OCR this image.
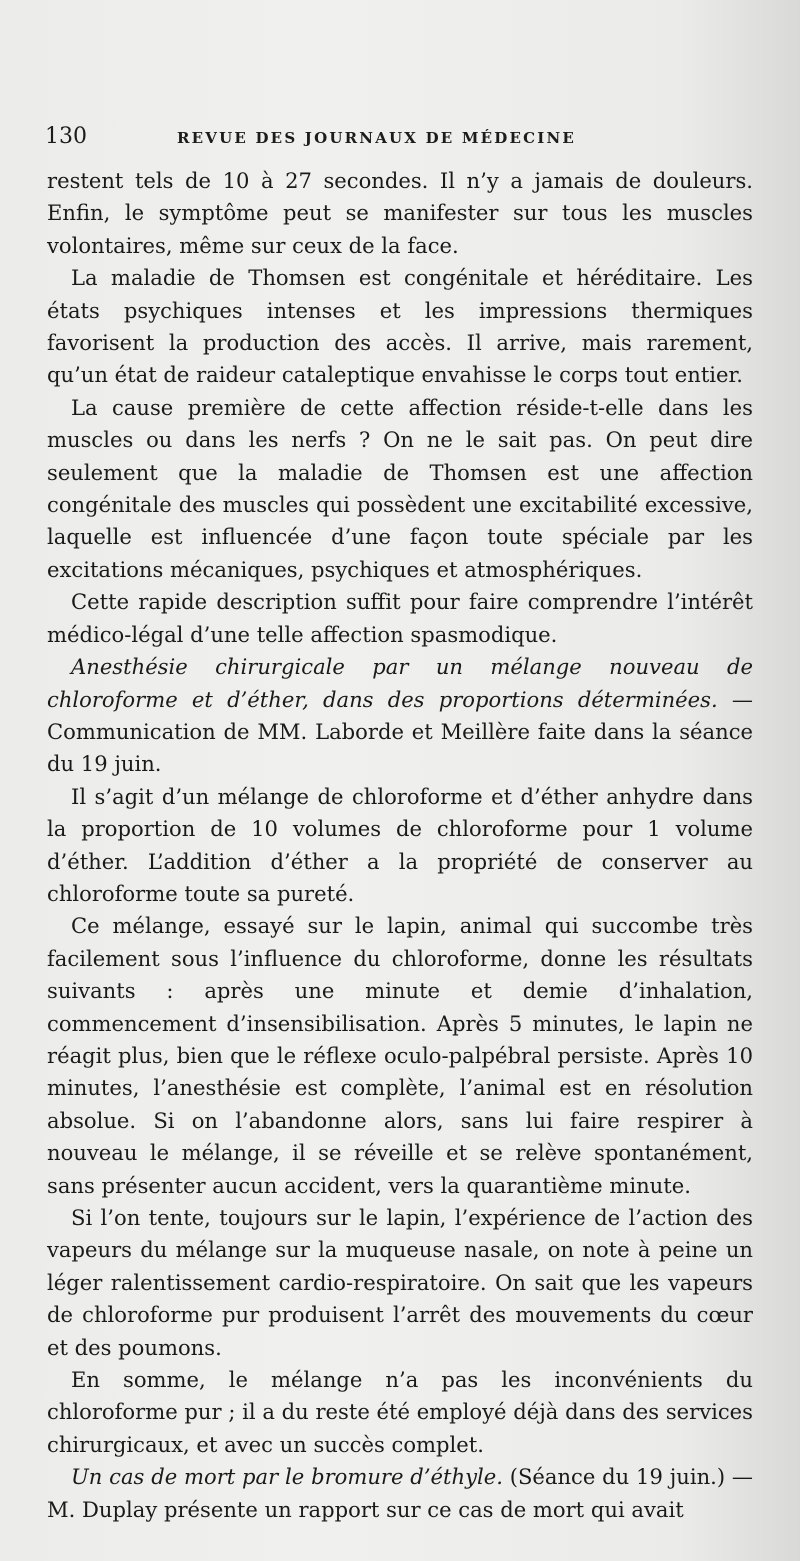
130	REVUE DES JOURNAUX DE MÉDECINE

restent tels de 10 à 27 secondes. Il n’y a jamais de douleurs. Enfin, le symptôme peut se manifester sur tous les muscles volontaires, même sur ceux de la face.

La maladie de Thomsen est congénitale et héréditaire. Les états psychiques intenses et les impressions thermiques favorisent la production des accès. Il arrive, mais rarement, qu’un état de raideur cataleptique envahisse le corps tout entier.

La cause première de cette affection réside-t-elle dans les muscles ou dans les nerfs ? On ne le sait pas. On peut dire seulement que la maladie de Thomsen est une affection congénitale des muscles qui possèdent une excitabilité excessive, laquelle est influencée d’une façon toute spéciale par les excitations mécaniques, psychiques et atmosphériques.

Cette rapide description suffit pour faire comprendre l’intérêt médico-légal d’une telle affection spasmodique.

Anesthésie chirurgicale par un mélange nouveau de chloroforme et d’éther, dans des proportions déterminées. — Communication de MM. Laborde et Meillère faite dans la séance du 19 juin.

Il s’agit d’un mélange de chloroforme et d’éther anhydre dans la proportion de 10 volumes de chloroforme pour 1 volume d’éther. L’addition d’éther a la propriété de conserver au chloroforme toute sa pureté.

Ce mélange, essayé sur le lapin, animal qui succombe très facilement sous l’influence du chloroforme, donne les résultats suivants : après une minute et demie d’inhalation, commencement d’insensibilisation. Après 5 minutes, le lapin ne réagit plus, bien que le réflexe oculo-palpébral persiste. Après 10 minutes, l’anesthésie est complète, l’animal est en résolution absolue. Si on l’abandonne alors, sans lui faire respirer à nouveau le mélange, il se réveille et se relève spontanément, sans présenter aucun accident, vers la quarantième minute.

Si l’on tente, toujours sur le lapin, l’expérience de l’action des vapeurs du mélange sur la muqueuse nasale, on note à peine un léger ralentissement cardio-respiratoire. On sait que les vapeurs de chloroforme pur produisent l’arrêt des mouvements du cœur et des poumons.

En somme, le mélange n’a pas les inconvénients du chloroforme pur ; il a du reste été employé déjà dans des services chirurgicaux, et avec un succès complet.

Un cas de mort par le bromure d’éthyle. (Séance du 19 juin.) — M. Duplay présente un rapport sur ce cas de mort qui avait
